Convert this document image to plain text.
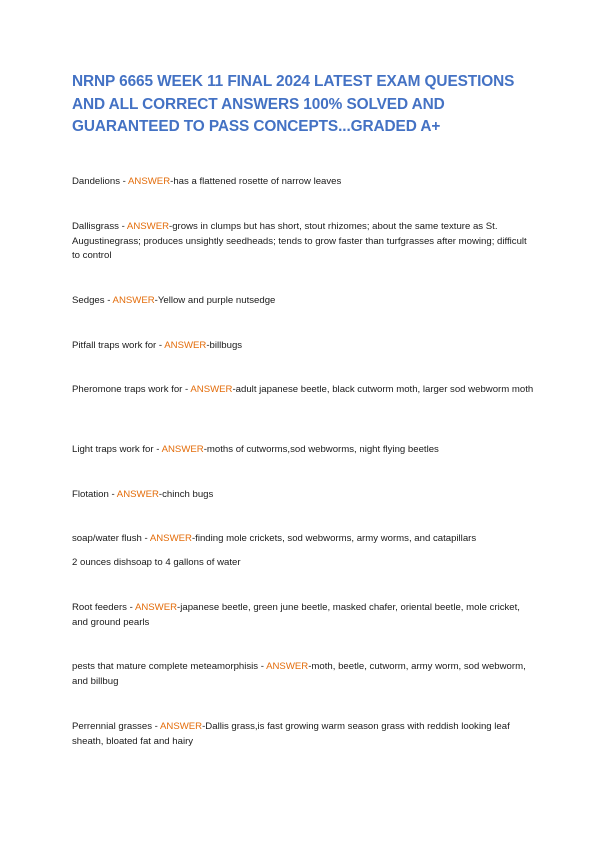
NRNP 6665 WEEK 11 FINAL 2024 LATEST EXAM QUESTIONS AND ALL CORRECT ANSWERS 100% SOLVED AND GUARANTEED TO PASS CONCEPTS...GRADED A+

Dandelions - ANSWER-has a flattened rosette of narrow leaves

Dallisgrass - ANSWER-grows in clumps but has short, stout rhizomes; about the same texture as St. Augustinegrass; produces unsightly seedheads; tends to grow faster than turfgrasses after mowing; difficult to control

Sedges - ANSWER-Yellow and purple nutsedge

Pitfall traps work for - ANSWER-billbugs

Pheromone traps work for - ANSWER-adult japanese beetle, black cutworm moth, larger sod webworm moth

Light traps work for - ANSWER-moths of cutworms,sod webworms, night flying beetles

Flotation - ANSWER-chinch bugs

soap/water flush - ANSWER-finding mole crickets, sod webworms, army worms, and catapillars

2 ounces dishsoap to 4 gallons of water

Root feeders - ANSWER-japanese beetle, green june beetle, masked chafer, oriental beetle, mole cricket, and ground pearls

pests that mature complete meteamorphisis - ANSWER-moth, beetle, cutworm, army worm, sod webworm, and billbug

Perrennial grasses - ANSWER-Dallis grass,is fast growing warm season grass with reddish looking leaf sheath, bloated fat and hairy
